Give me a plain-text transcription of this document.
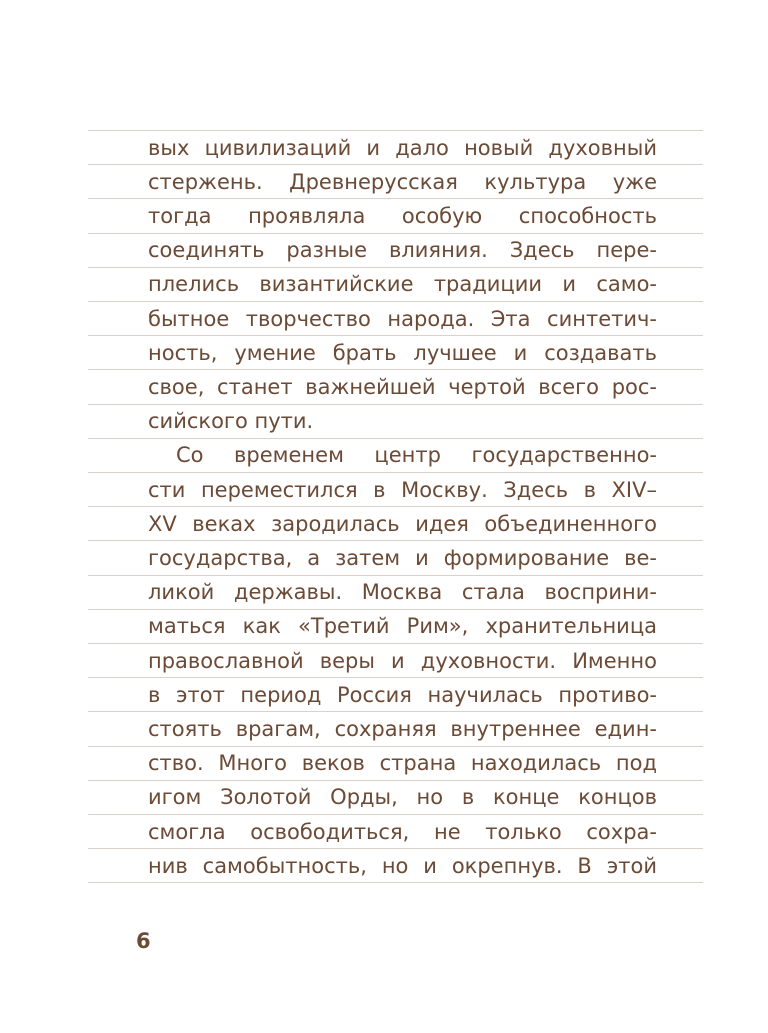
вых цивилизаций и дало новый духовный
стержень. Древнерусская культура уже
тогда проявляла особую способность
соединять разные влияния. Здесь пере-
плелись византийские традиции и само-
бытное творчество народа. Эта синтетич-
ность, умение брать лучшее и создавать
свое, станет важнейшей чертой всего рос-
сийского пути.
Со временем центр государственно-
сти переместился в Москву. Здесь в XIV–
XV веках зародилась идея объединенного
государства, а затем и формирование ве-
ликой державы. Москва стала восприни-
маться как «Третий Рим», хранительница
православной веры и духовности. Именно
в этот период Россия научилась противо-
стоять врагам, сохраняя внутреннее един-
ство. Много веков страна находилась под
игом Золотой Орды, но в конце концов
смогла освободиться, не только сохра-
нив самобытность, но и окрепнув. В этой
6
